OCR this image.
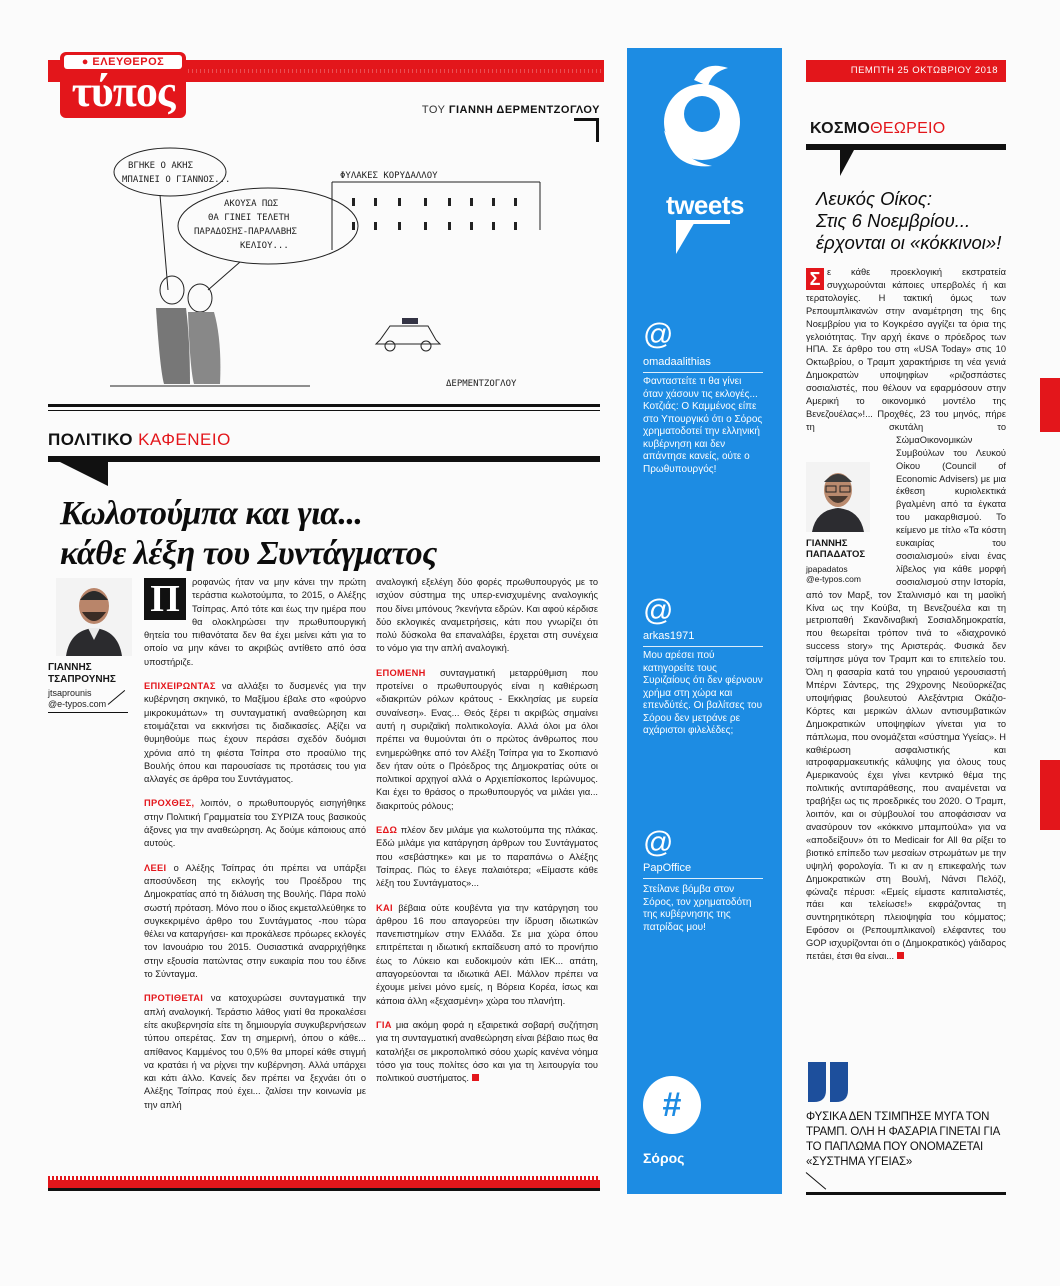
● ΕΛΕΥΘΕΡΟΣ
τύπος	ΤΟΥ ΓΙΑΝΝΗ ΔΕΡΜΕΝΤΖΟΓΛΟΥ
ΒΓΗΚΕ Ο ΑΚΗΣ
ΜΠΑΙΝΕΙ Ο ΓΙΑΝΝΟΣ...
ΑΚΟΥΣΑ ΠΩΣ
ΘΑ ΓΙΝΕΙ ΤΕΛΕΤΗ
ΠΑΡΑΔΟΣΗΣ-ΠΑΡΑΛΑΒΗΣ
ΚΕΛΙΟΥ...
ΦΥΛΑΚΕΣ ΚΟΡΥΔΑΛΛΟΥ
ΔΕΡΜΕΝΤΖΟΓΛΟΥ
ΠΟΛΙΤΙΚΟ ΚΑΦΕΝΕΙΟ
Κωλοτούμπα και για...
κάθε λέξη του Συντάγματος
ΓΙΑΝΝΗΣ
ΤΣΑΠΡΟΥΝΗΣ
jtsaprounis
@e-typos.com

Π	ροφανώς ήταν να μην κάνει την πρώτη τεράστια κωλοτούμπα, το 2015, ο Αλέξης Τσίπρας. Από τότε και έως την ημέρα που θα ολοκληρώσει την πρωθυπουργική θητεία του πιθανότατα δεν θα έχει μείνει κάτι για το οποίο να μην κάνει το ακριβώς αντίθετο από όσα υποστήριζε.

ΕΠΙΧΕΙΡΩΝΤΑΣ να αλλάξει το δυσμενές για την κυβέρνηση σκηνικό, το Μαξίμου έβαλε στο «φούρνο μικροκυμάτων» τη συνταγματική αναθεώρηση και ετοιμάζεται να εκκινήσει τις διαδικασίες. Αξίζει να θυμηθούμε πως έχουν περάσει σχεδόν δυόμισι χρόνια από τη φιέστα Τσίπρα στο προαύλιο της Βουλής όπου και παρουσίασε τις προτάσεις του για αλλαγές σε άρθρα του Συντάγματος.

ΠΡΟΧΘΕΣ, λοιπόν, ο πρωθυπουργός εισηγήθηκε στην Πολιτική Γραμματεία του ΣΥΡΙΖΑ τους βασικούς άξονες για την αναθεώρηση. Ας δούμε κάποιους από αυτούς.

ΛΕΕΙ ο Αλέξης Τσίπρας ότι πρέπει να υπάρξει αποσύνδεση της εκλογής του Προέδρου της Δημοκρατίας από τη διάλυση της Βουλής. Πάρα πολύ σωστή πρόταση. Μόνο που ο ίδιος εκμεταλλεύθηκε το συγκεκριμένο άρθρο του Συντάγματος -που τώρα θέλει να καταργήσει- και προκάλεσε πρόωρες εκλογές τον Ιανουάριο του 2015. Ουσιαστικά αναρριχήθηκε στην εξουσία πατώντας στην ευκαιρία που του έδινε το Σύνταγμα.

ΠΡΟΤΙΘΕΤΑΙ να κατοχυρώσει συνταγματικά την απλή αναλογική. Τεράστιο λάθος γιατί θα προκαλέσει είτε ακυβερνησία είτε τη δημιουργία συγκυβερνήσεων τύπου οπερέτας. Σαν τη σημερινή, όπου ο κάθε... απίθανος Καμμένος του 0,5% θα μπορεί κάθε στιγμή να κρατάει ή να ρίχνει την κυβέρνηση. Αλλά υπάρχει και κάτι άλλο. Κανείς δεν πρέπει να ξεχνάει ότι ο Αλέξης Τσίπρας πού έχει... ζαλίσει την κοινωνία με την απλή

αναλογική εξελέγη δύο φορές πρωθυπουργός με το ισχύον σύστημα της υπερ-ενισχυμένης αναλογικής που δίνει μπόνους ?κενήντα εδρών. Και αφού κέρδισε δύο εκλογικές αναμετρήσεις, κάτι που γνωρίζει ότι πολύ δύσκολα θα επαναλάβει, έρχεται στη συνέχεια το νόμο για την απλή αναλογική.

ΕΠΟΜΕΝΗ συνταγματική μεταρρύθμιση που προτείνει ο πρωθυπουργός είναι η καθιέρωση «διακριτών ρόλων κράτους - Εκκλησίας με ευρεία συναίνεση». Ενας... Θεός ξέρει τι ακριβώς σημαίνει αυτή η συριζαϊκή πολιτικολογία. Αλλά όλοι μα όλοι πρέπει να θυμούνται ότι ο πρώτος άνθρωπος που ενημερώθηκε από τον Αλέξη Τσίπρα για το Σκοπιανό δεν ήταν ούτε ο Πρόεδρος της Δημοκρατίας ούτε οι πολιτικοί αρχηγοί αλλά ο Αρχιεπίσκοπος Ιερώνυμος. Και έχει το θράσος ο πρωθυπουργός να μιλάει για... διακριτούς ρόλους;

ΕΔΩ πλέον δεν μιλάμε για κωλοτούμπα της πλάκας. Εδώ μιλάμε για κατάργηση άρθρων του Συντάγματος που «σεβάστηκε» και με το παραπάνω ο Αλέξης Τσίπρας. Πώς το έλεγε παλαιότερα; «Είμαστε κάθε λέξη του Συντάγματος»...

ΚΑΙ βέβαια ούτε κουβέντα για την κατάργηση του άρθρου 16 που απαγορεύει την ίδρυση ιδιωτικών πανεπιστημίων στην Ελλάδα. Σε μια χώρα όπου επιτρέπεται η ιδιωτική εκπαίδευση από το προνήπιο έως το Λύκειο και ευδοκιμούν κάτι ΙΕΚ... απάτη, απαγορεύονται τα ιδιωτικά ΑΕΙ. Μάλλον πρέπει να έχουμε μείνει μόνο εμείς, η Βόρεια Κορέα, ίσως και κάποια άλλη «ξεχασμένη» χώρα του πλανήτη.

ΓΙΑ μια ακόμη φορά η εξαιρετικά σοβαρή συζήτηση για τη συνταγματική αναθεώρηση είναι βέβαιο πως θα καταλήξει σε μικροπολιτικό σόου χωρίς κανένα νόημα τόσο για τους πολίτες όσο και για τη λειτουργία του πολιτικού συστήματος.

tweets
@
omadaalithias
Φανταστείτε τι θα γίνει όταν χάσουν τις εκλογές... Κοτζιάς: Ο Καμμένος είπε στο Υπουργικό ότι ο Σόρος χρηματοδοτεί την ελληνική κυβέρνηση και δεν απάντησε κανείς, ούτε ο Πρωθυπουργός!
@
arkas1971
Μου αρέσει πού κατηγορείτε τους Συριζαίους ότι δεν φέρνουν χρήμα στη χώρα και επενδύτές. Οι βαλίτσες του Σόρου δεν μετράνε ρε αχάριστοι φιλελέδες;
@
PapOffice
Στείλανε βόμβα στον Σόρος, τον χρηματοδότη της κυβέρνησης της πατρίδας μου!
#
Σόρος
ΠΕΜΠΤΗ 25 ΟΚΤΩΒΡΙΟΥ 2018
ΚΟΣΜΟΘΕΩΡΕΙΟ
Λευκός Οίκος:
Στις 6 Νοεμβρίου...
έρχονται οι «κόκκινοι»!

Σ ε κάθε προεκλογική εκστρατεία συγχωρούνται κάποιες υπερβολές ή και τερατολογίες. Η τακτική όμως των Ρεπουμπλικανών στην αναμέτρηση της 6ης Νοεμβρίου για το Κογκρέσο αγγίζει τα όρια της γελοιότητας. Την αρχή έκανε ο πρόεδρος των ΗΠΑ. Σε άρθρο του στη «USA Today» στις 10 Οκτωβρίου, ο Τραμπ χαρακτήρισε τη νέα γενιά Δημοκρατών υποψηφίων «ριζοσπάστες σοσιαλιστές, που θέλουν να εφαρμόσουν στην Αμερική το οικονομικό μοντέλο της Βενεζουέλας»!... Προχθές, 23 του μηνός, πήρε τη σκυτάλη το Σώμα
Οικονομικών Συμβούλων του Λευκού Οίκου (Council of Economic Advisers) με μια έκθεση κυριολεκτικά βγαλμένη από τα έγκατα του μακαρθισμού. Το κείμενο με τίτλο «Τα κόστη ευκαιρίας του σοσιαλισμού» είναι ένας λίβελος για κάθε μορφή σοσιαλισμού στην Ιστορία, από τον Μαρξ, τον Σταλινισμό και τη μαοϊκή Κίνα ως την Κούβα, τη Βενεζουέλα και τη μετριοπαθή Σκανδιναβική Σοσιαλδημοκρατία, που θεωρείται τρόπον τινά το «διαχρονικό success story» της Αριστεράς. Φυσικά δεν τσίμπησε μύγα τον Τραμπ και το επιτελείο του. Όλη η φασαρία κατά του γηραιού γερουσιαστή Μπέρνι Σάντερς, της 29χρονης Νεοϋορκέζας υποψήφιας βουλευτού Αλεξάντρια Οκάζιο-Κόρτες και μερικών άλλων αντισυμβατικών Δημοκρατικών υποψηφίων γίνεται για το πάπλωμα, που ονομάζεται «σύστημα Υγείας». Η καθιέρωση ασφαλιστικής και ιατροφαρμακευτικής κάλυψης για όλους τους Αμερικανούς έχει γίνει κεντρικό θέμα της πολιτικής αντιπαράθεσης, που αναμένεται να τραβήξει ως τις προεδρικές του 2020. Ο Τραμπ, λοιπόν, και οι σύμβουλοί του αποφάσισαν να ανασύρουν τον «κόκκινο μπαμπούλα» για να «αποδείξουν» ότι το Medicair for All θα ρίξει το βιοτικό επίπεδο των μεσαίων στρωμάτων με την υψηλή φορολογία. Τι κι αν η επικεφαλής των Δημοκρατικών στη Βουλή, Νάνσι Πελόζι, φώναζε πέρυσι: «Εμείς είμαστε καπιταλιστές, πάει και τελείωσε!» εκφράζοντας τη συντηρητικότερη πλειοψηφία του κόμματος; Εφόσον οι (Ρεπουμπλικανοί) ελέφαντες του GOP ισχυρίζονται ότι ο (Δημοκρατικός) γάιδαρος πετάει, έτσι θα είναι...

ΓΙΑΝΝΗΣ
ΠΑΠΑΔΑΤΟΣ
jpapadatos
@e-typos.com
ΦΥΣΙΚΑ ΔΕΝ ΤΣΙΜΠΗΣΕ ΜΥΓΑ ΤΟΝ ΤΡΑΜΠ. ΟΛΗ Η ΦΑΣΑΡΙΑ ΓΙΝΕΤΑΙ ΓΙΑ ΤΟ ΠΑΠΛΩΜΑ ΠΟΥ ΟΝΟΜΑΖΕΤΑΙ «ΣΥΣΤΗΜΑ ΥΓΕΙΑΣ»
